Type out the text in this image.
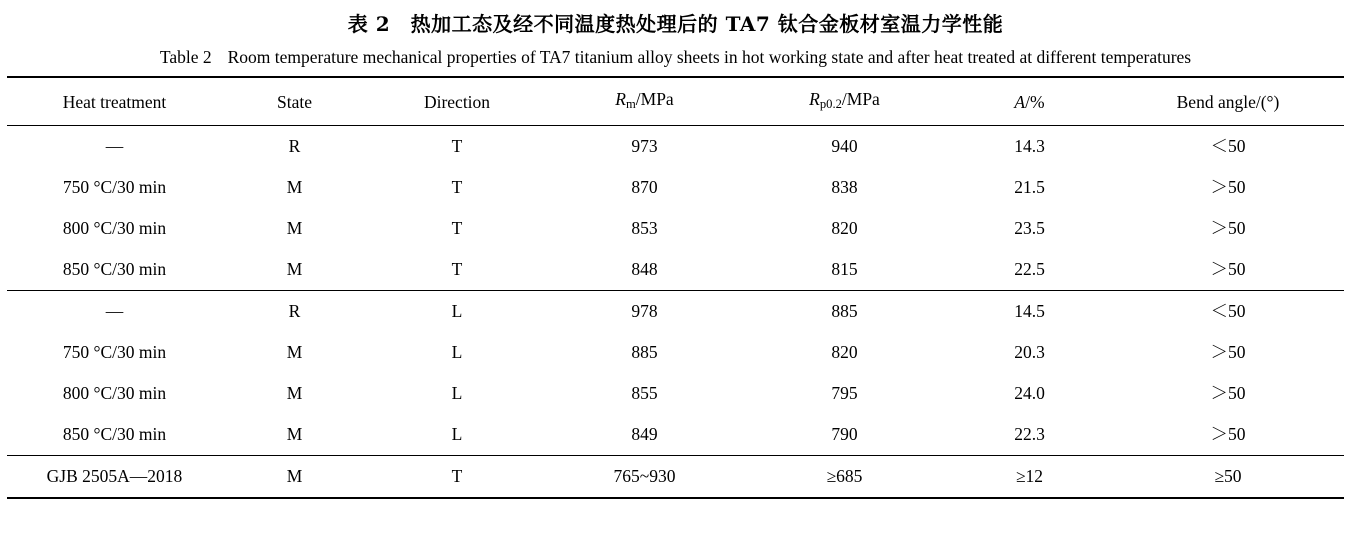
表 2　热加工态及经不同温度热处理后的 TA7 钛合金板材室温力学性能
Table 2 Room temperature mechanical properties of TA7 titanium alloy sheets in hot working state and after heat treated at different temperatures
Heat treatment	State	Direction	$R_m$/MPa	$R_{p0.2}$/MPa	A/%	Bend angle/(°)
—	R	T	973	940	14.3	＜50
750 °C/30 min	M	T	870	838	21.5	＞50
800 °C/30 min	M	T	853	820	23.5	＞50
850 °C/30 min	M	T	848	815	22.5	＞50
—	R	L	978	885	14.5	＜50
750 °C/30 min	M	L	885	820	20.3	＞50
800 °C/30 min	M	L	855	795	24.0	＞50
850 °C/30 min	M	L	849	790	22.3	＞50
GJB 2505A—2018	M	T	765~930	≥685	≥12	≥50
